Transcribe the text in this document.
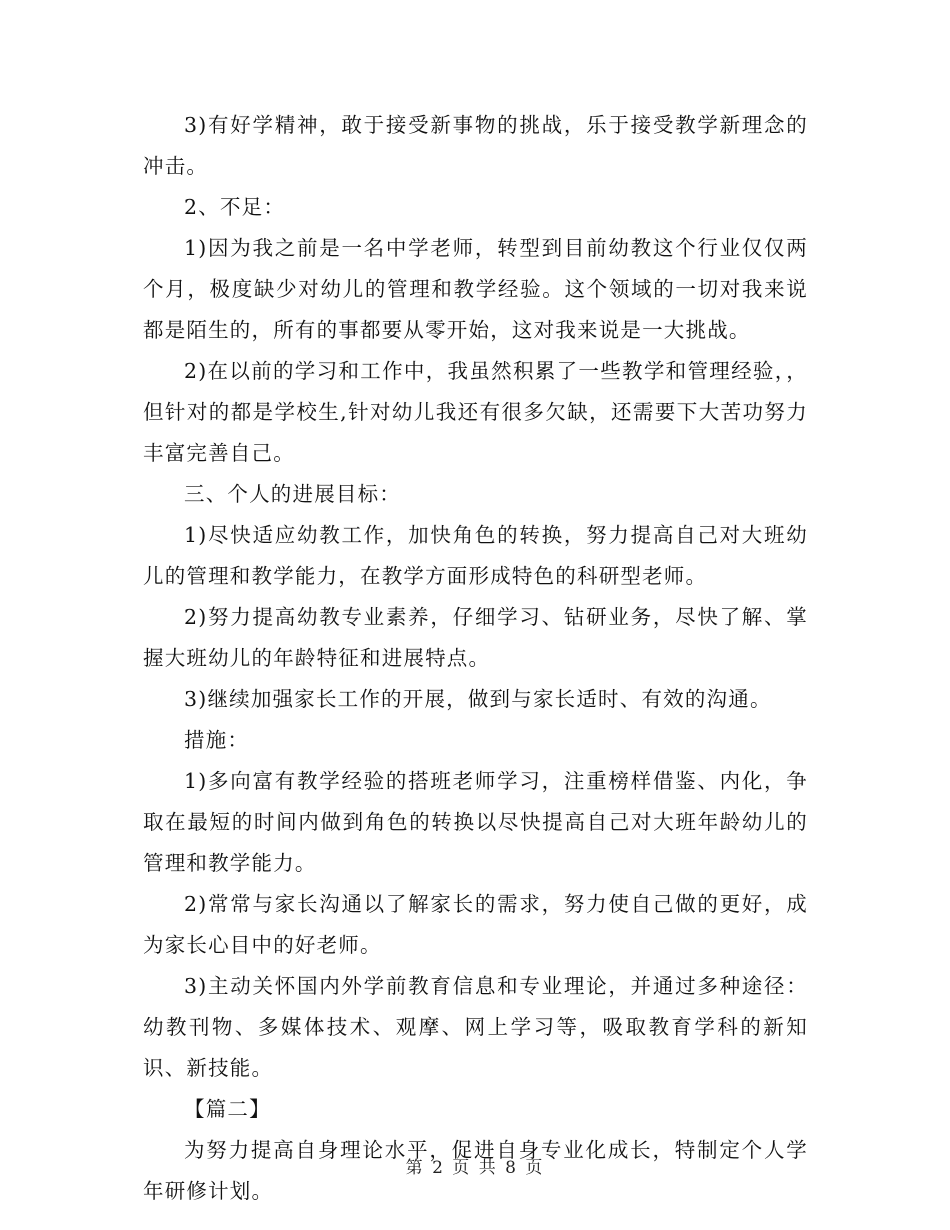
3)有好学精神，敢于接受新事物的挑战，乐于接受教学新理念的冲击。

2、不足：

1)因为我之前是一名中学老师，转型到目前幼教这个行业仅仅两个月，极度缺少对幼儿的管理和教学经验。这个领域的一切对我来说都是陌生的，所有的事都要从零开始，这对我来说是一大挑战。

2)在以前的学习和工作中，我虽然积累了一些教学和管理经验，，但针对的都是学校生,针对幼儿我还有很多欠缺，还需要下大苦功努力丰富完善自己。

三、个人的进展目标：

1)尽快适应幼教工作，加快角色的转换，努力提高自己对大班幼儿的管理和教学能力，在教学方面形成特色的科研型老师。

2)努力提高幼教专业素养，仔细学习、钻研业务，尽快了解、掌握大班幼儿的年龄特征和进展特点。

3)继续加强家长工作的开展，做到与家长适时、有效的沟通。

措施：

1)多向富有教学经验的搭班老师学习，注重榜样借鉴、内化，争取在最短的时间内做到角色的转换以尽快提高自己对大班年龄幼儿的管理和教学能力。

2)常常与家长沟通以了解家长的需求，努力使自己做的更好，成为家长心目中的好老师。

3)主动关怀国内外学前教育信息和专业理论，并通过多种途径：幼教刊物、多媒体技术、观摩、网上学习等，吸取教育学科的新知识、新技能。

【篇二】

为努力提高自身理论水平，促进自身专业化成长，特制定个人学年研修计划。

第 2 页 共 8 页
